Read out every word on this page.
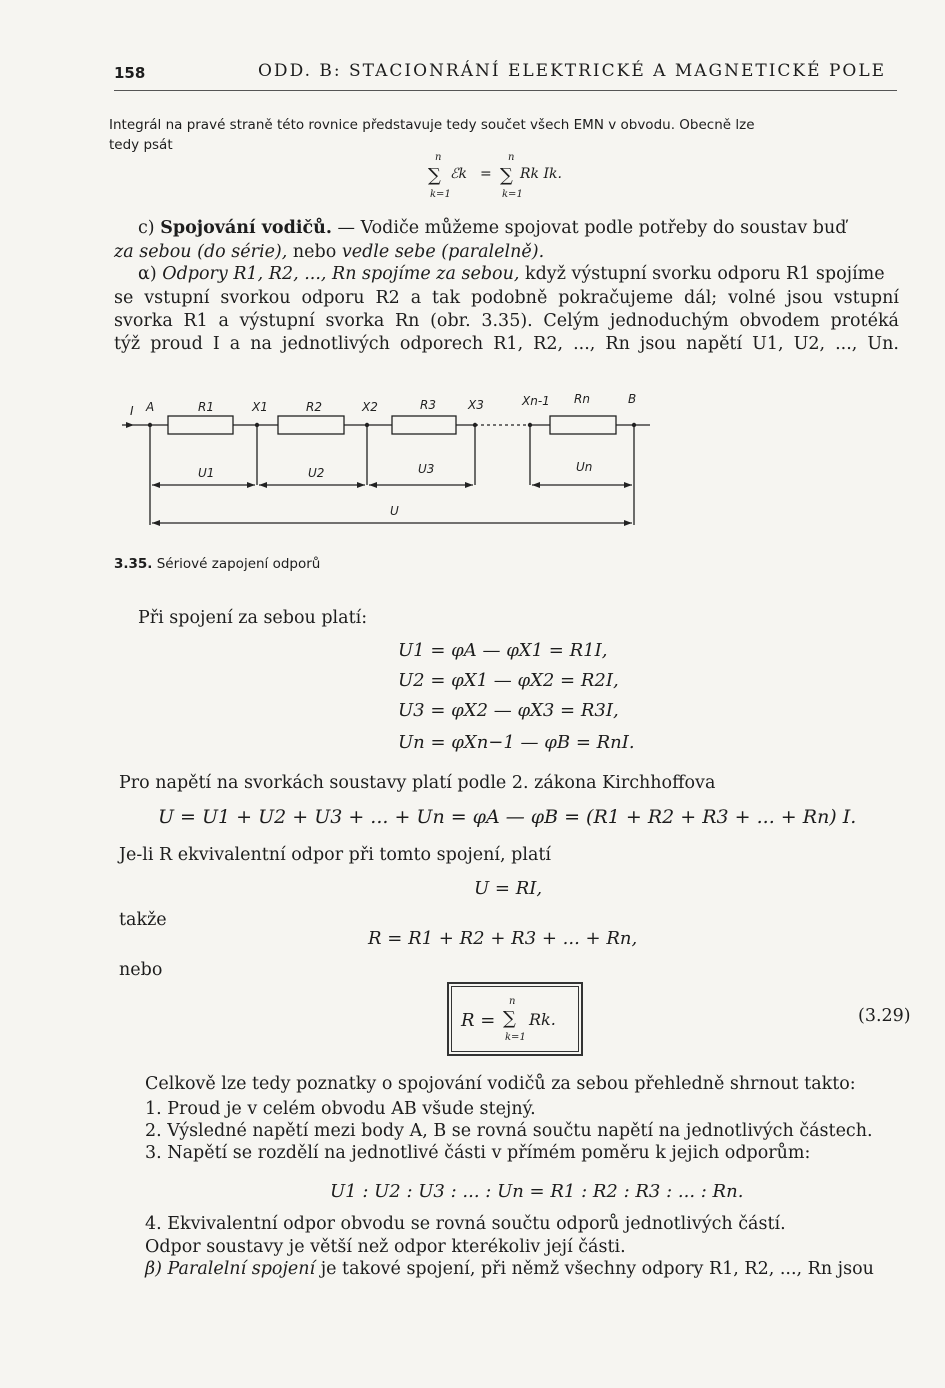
158	ODD. B: STACIONRÁNÍ ELEKTRICKÉ A MAGNETICKÉ POLE
Integrál na pravé straně této rovnice představuje tedy součet všech EMN v obvodu. Obecně lze
tedy psát
n
∑ ℰk =
k=1
n
∑ Rk Ik.
k=1
c) Spojování vodičů. — Vodiče můžeme spojovat podle potřeby do soustav buď
za sebou (do série), nebo vedle sebe (paralelně).
α) Odpory R1, R2, ..., Rn spojíme za sebou, když výstupní svorku odporu R1 spojíme
se vstupní svorkou odporu R2 a tak podobně pokračujeme dál; volné jsou vstupní
svorka R1 a výstupní svorka Rn (obr. 3.35). Celým jednoduchým obvodem protéká
týž proud I a na jednotlivých odporech R1, R2, ..., Rn jsou napětí U1, U2, ..., Un.
I A	R1	X1	R2	X2	R3	X3	Xn-1 Rn	B
U1	U2	U3	Un
U
3.35. Sériové zapojení odporů
Při spojení za sebou platí:
U1 = φA — φX1 = R1I,
U2 = φX1 — φX2 = R2I,
U3 = φX2 — φX3 = R3I,
Un = φXn−1 — φB = RnI.
Pro napětí na svorkách soustavy platí podle 2. zákona Kirchhoffova
U = U1 + U2 + U3 + ... + Un = φA — φB = (R1 + R2 + R3 + ... + Rn) I.
Je-li R ekvivalentní odpor při tomto spojení, platí
U = RI,
takže
R = R1 + R2 + R3 + ... + Rn,
nebo
R =
n
∑ Rk.
k=1
(3.29)
Celkově lze tedy poznatky o spojování vodičů za sebou přehledně shrnout takto:
1. Proud je v celém obvodu AB všude stejný.
2. Výsledné napětí mezi body A, B se rovná součtu napětí na jednotlivých částech.
3. Napětí se rozdělí na jednotlivé části v přímém poměru k jejich odporům:
U1 : U2 : U3 : ... : Un = R1 : R2 : R3 : ... : Rn.
4. Ekvivalentní odpor obvodu se rovná součtu odporů jednotlivých částí.
Odpor soustavy je větší než odpor kterékoliv její části.
β) Paralelní spojení je takové spojení, při němž všechny odpory R1, R2, ..., Rn jsou
